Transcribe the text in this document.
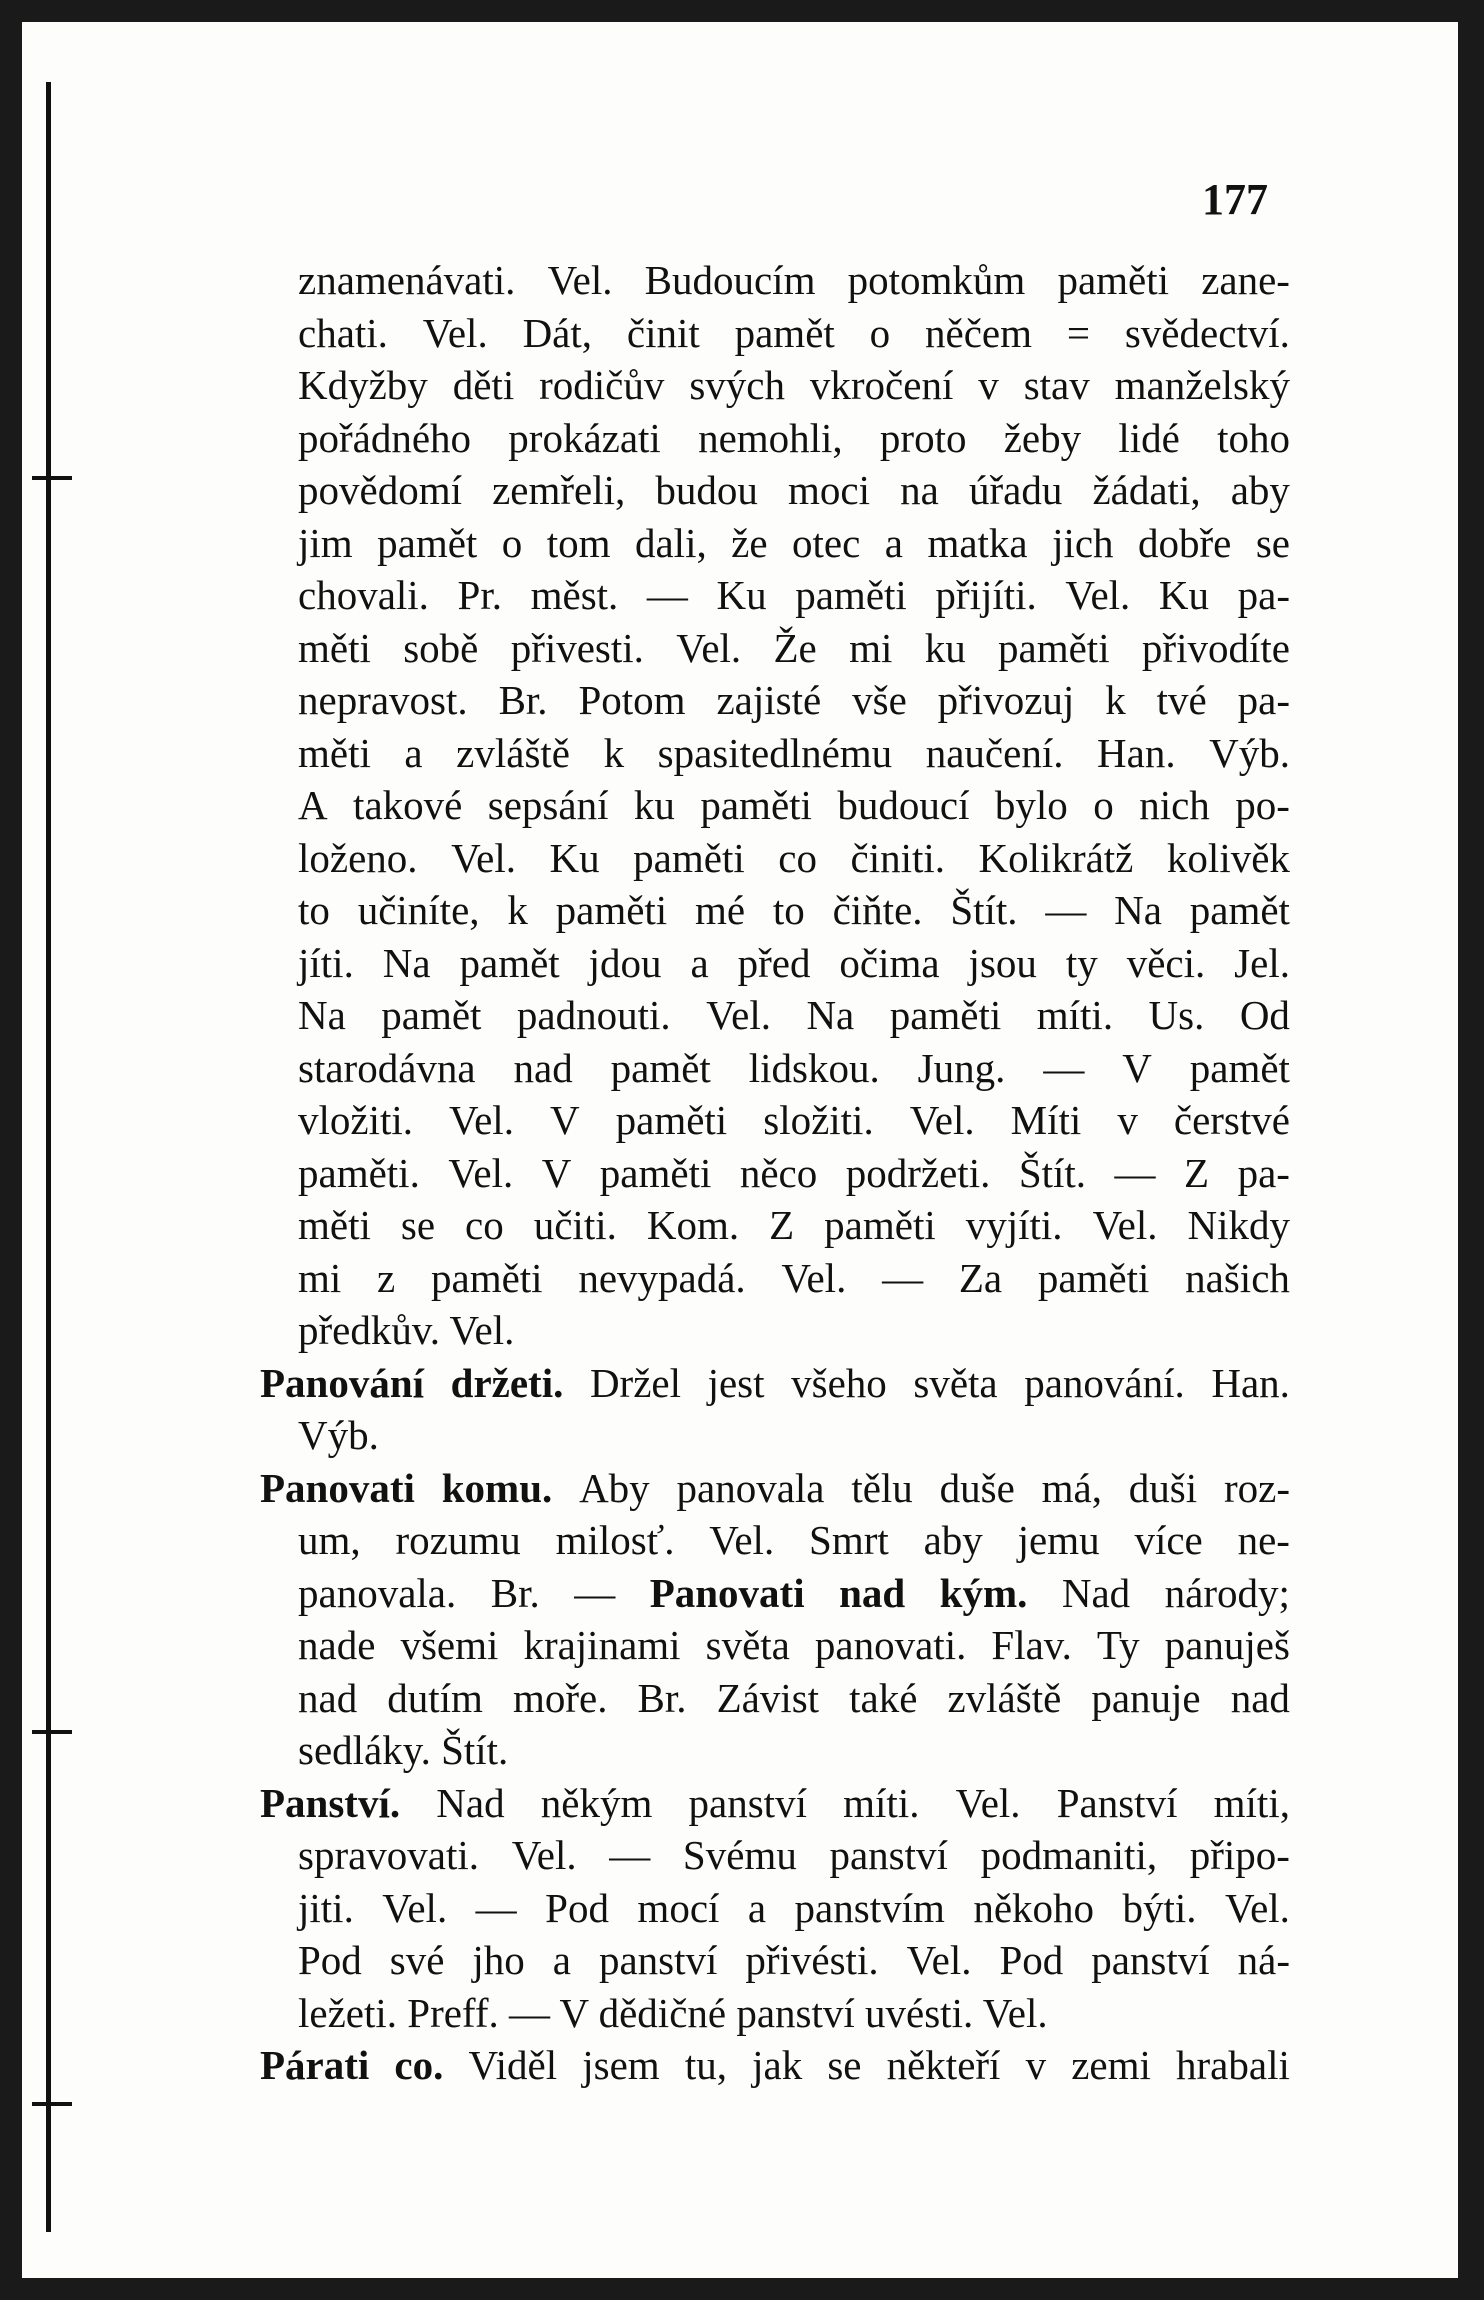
177
znamenávati. Vel. Budoucím potomkům paměti zane-
chati. Vel. Dát, činit pamět o něčem = svědectví.
Kdyžby děti rodičův svých vkročení v stav manželský
pořádného prokázati nemohli, proto žeby lidé toho
povědomí zemřeli, budou moci na úřadu žádati, aby
jim pamět o tom dali, že otec a matka jich dobře se
chovali. Pr. měst. — Ku paměti přijíti. Vel. Ku pa-
měti sobě přivesti. Vel. Že mi ku paměti přivodíte
nepravost. Br. Potom zajisté vše přivozuj k tvé pa-
měti a zvláště k spasitedlnému naučení. Han. Výb.
A takové sepsání ku paměti budoucí bylo o nich po-
loženo. Vel. Ku paměti co činiti. Kolikrátž kolivěk
to učiníte, k paměti mé to čiňte. Štít. — Na pamět
jíti. Na pamět jdou a před očima jsou ty věci. Jel.
Na pamět padnouti. Vel. Na paměti míti. Us. Od
starodávna nad pamět lidskou. Jung. — V pamět
vložiti. Vel. V paměti složiti. Vel. Míti v čerstvé
paměti. Vel. V paměti něco podržeti. Štít. — Z pa-
měti se co učiti. Kom. Z paměti vyjíti. Vel. Nikdy
mi z paměti nevypadá. Vel. — Za paměti našich
předkův. Vel.
Panování držeti. Držel jest všeho světa panování. Han.
Výb.
Panovati komu. Aby panovala tělu duše má, duši roz-
um, rozumu milosť. Vel. Smrt aby jemu více ne-
panovala. Br. — Panovati nad kým. Nad národy;
nade všemi krajinami světa panovati. Flav. Ty panuješ
nad dutím moře. Br. Závist také zvláště panuje nad
sedláky. Štít.
Panství. Nad někým panství míti. Vel. Panství míti,
spravovati. Vel. — Svému panství podmaniti, připo-
jiti. Vel. — Pod mocí a panstvím někoho býti. Vel.
Pod své jho a panství přivésti. Vel. Pod panství ná-
ležeti. Preff. — V dědičné panství uvésti. Vel.
Párati co. Viděl jsem tu, jak se někteří v zemi hrabali
